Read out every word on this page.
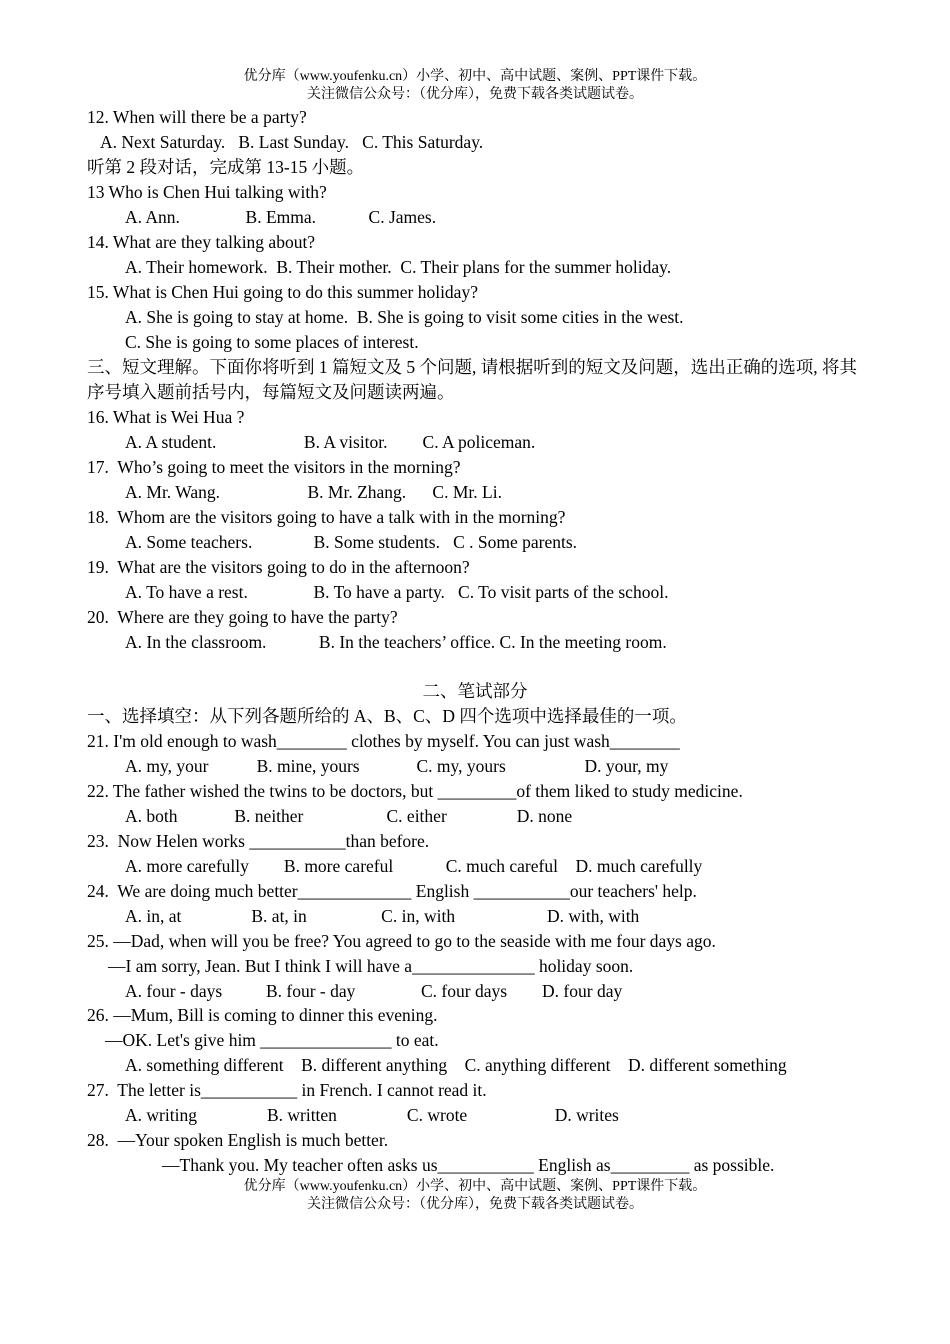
优分库（www.youfenku.cn）小学、初中、高中试题、案例、PPT课件下载。
关注微信公众号：（优分库），免费下载各类试题试卷。
12. When will there be a party?
A. Next Saturday.   B. Last Sunday.   C. This Saturday.
听第 2 段对话，完成第 13-15 小题。
13 Who is Chen Hui talking with?
A. Ann.               B. Emma.            C. James.
14. What are they talking about?
A. Their homework.  B. Their mother.  C. Their plans for the summer holiday.
15. What is Chen Hui going to do this summer holiday?
A. She is going to stay at home.  B. She is going to visit some cities in the west.
C. She is going to some places of interest.
三、短文理解。下面你将听到 1 篇短文及 5 个问题, 请根据听到的短文及问题，选出正确的选项, 将其序号填入题前括号内，每篇短文及问题读两遍。
16. What is Wei Hua ?
A. A student.                    B. A visitor.        C. A policeman.
17.  Who’s going to meet the visitors in the morning?
A. Mr. Wang.                    B. Mr. Zhang.      C. Mr. Li.
18.  Whom are the visitors going to have a talk with in the morning?
A. Some teachers.              B. Some students.   C . Some parents.
19.  What are the visitors going to do in the afternoon?
A. To have a rest.               B. To have a party.   C. To visit parts of the school.
20.  Where are they going to have the party?
A. In the classroom.            B. In the teachers’ office. C. In the meeting room.
二、笔试部分
一、选择填空：从下列各题所给的 A、B、C、D 四个选项中选择最佳的一项。
21. I'm old enough to wash________ clothes by myself. You can just wash________
A. my, your           B. mine, yours             C. my, yours                  D. your, my
22. The father wished the twins to be doctors, but _________of them liked to study medicine.
A. both             B. neither                   C. either                D. none
23.  Now Helen works ___________than before.
A. more carefully        B. more careful            C. much careful    D. much carefully
24.  We are doing much better_____________ English ___________our teachers' help.
A. in, at                B. at, in                 C. in, with                     D. with, with
25. —Dad, when will you be free? You agreed to go to the seaside with me four days ago.
—I am sorry, Jean. But I think I will have a______________ holiday soon.
A. four - days          B. four - day               C. four days        D. four day
26. —Mum, Bill is coming to dinner this evening.
—OK. Let's give him _______________ to eat.
A. something different    B. different anything    C. anything different    D. different something
27.  The letter is___________ in French. I cannot read it.
A. writing                B. written                C. wrote                    D. writes
28.  —Your spoken English is much better.
—Thank you. My teacher often asks us___________ English as_________ as possible.
优分库（www.youfenku.cn）小学、初中、高中试题、案例、PPT课件下载。
关注微信公众号：（优分库），免费下载各类试题试卷。
